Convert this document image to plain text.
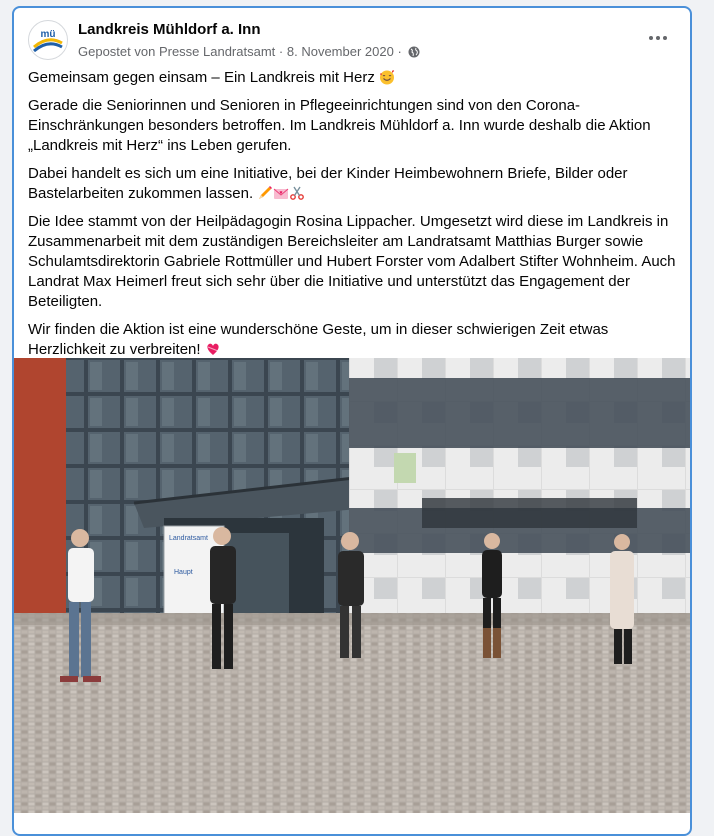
mü Landkreis Mühldorf a. Inn
Gepostet von Presse Landratsamt · 8. November 2020 ·

Gemeinsam gegen einsam – Ein Landkreis mit Herz

Gerade die Seniorinnen und Senioren in Pflegeeinrichtungen sind von den Corona-Einschränkungen besonders betroffen. Im Landkreis Mühldorf a. Inn wurde deshalb die Aktion „Landkreis mit Herz“ ins Leben gerufen.

Dabei handelt es sich um eine Initiative, bei der Kinder Heimbewohnern Briefe, Bilder oder Bastelarbeiten zukommen lassen.

Die Idee stammt von der Heilpädagogin Rosina Lippacher. Umgesetzt wird diese im Landkreis in Zusammenarbeit mit dem zuständigen Bereichsleiter am Landratsamt Matthias Burger sowie Schulamtsdirektorin Gabriele Rottmüller und Hubert Forster vom Adalbert Stifter Wohnheim. Auch Landrat Max Heimerl freut sich sehr über die Initiative und unterstützt das Engagement der Beteiligten.

Wir finden die Aktion ist eine wunderschöne Geste, um in dieser schwierigen Zeit etwas Herzlichkeit zu verbreiten!

Landratsamt
Haupt
